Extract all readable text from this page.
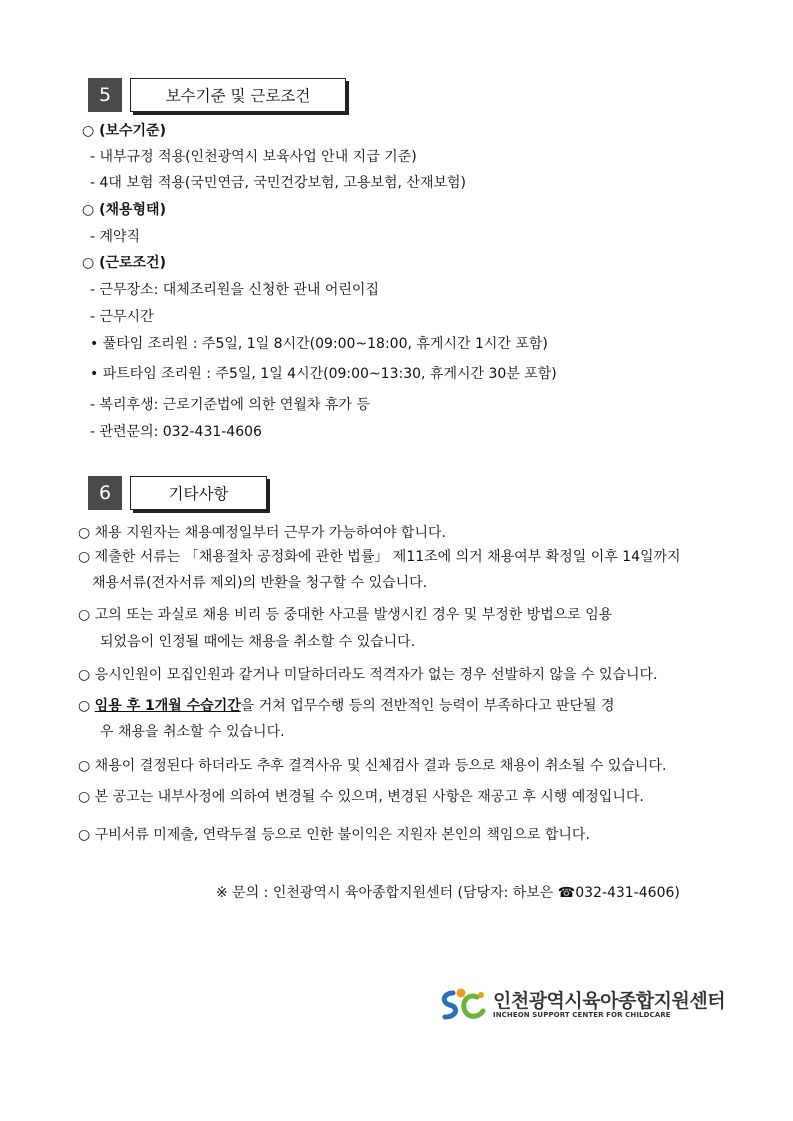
5	보수기준 및 근로조건
○ (보수기준)
- 내부규정 적용(인천광역시 보육사업 안내 지급 기준)
- 4대 보험 적용(국민연금, 국민건강보험, 고용보험, 산재보험)
○ (채용형태)
- 계약직
○ (근로조건)
- 근무장소: 대체조리원을 신청한 관내 어린이집
- 근무시간
• 풀타임 조리원 : 주5일, 1일 8시간(09:00~18:00, 휴게시간 1시간 포함)
• 파트타임 조리원 : 주5일, 1일 4시간(09:00~13:30, 휴게시간 30분 포함)
- 복리후생: 근로기준법에 의한 연월차 휴가 등
- 관련문의: 032-431-4606
6	기타사항
○ 채용 지원자는 채용예정일부터 근무가 가능하여야 합니다.
○ 제출한 서류는 「채용절차 공정화에 관한 법률」 제11조에 의거 채용여부 확정일 이후 14일까지
채용서류(전자서류 제외)의 반환을 청구할 수 있습니다.
○ 고의 또는 과실로 채용 비리 등 중대한 사고를 발생시킨 경우 및 부정한 방법으로 임용
되었음이 인정될 때에는 채용을 취소할 수 있습니다.
○ 응시인원이 모집인원과 같거나 미달하더라도 적격자가 없는 경우 선발하지 않을 수 있습니다.
○ 임용 후 1개월 수습기간을 거쳐 업무수행 등의 전반적인 능력이 부족하다고 판단될 경
우 채용을 취소할 수 있습니다.
○ 채용이 결정된다 하더라도 추후 결격사유 및 신체검사 결과 등으로 채용이 취소될 수 있습니다.
○ 본 공고는 내부사정에 의하여 변경될 수 있으며, 변경된 사항은 재공고 후 시행 예정입니다.
○ 구비서류 미제출, 연락두절 등으로 인한 불이익은 지원자 본인의 책임으로 합니다.
※ 문의 : 인천광역시 육아종합지원센터 (담당자: 하보은 ☎032-431-4606)
인천광역시육아종합지원센터
INCHEON SUPPORT CENTER FOR CHILDCARE
